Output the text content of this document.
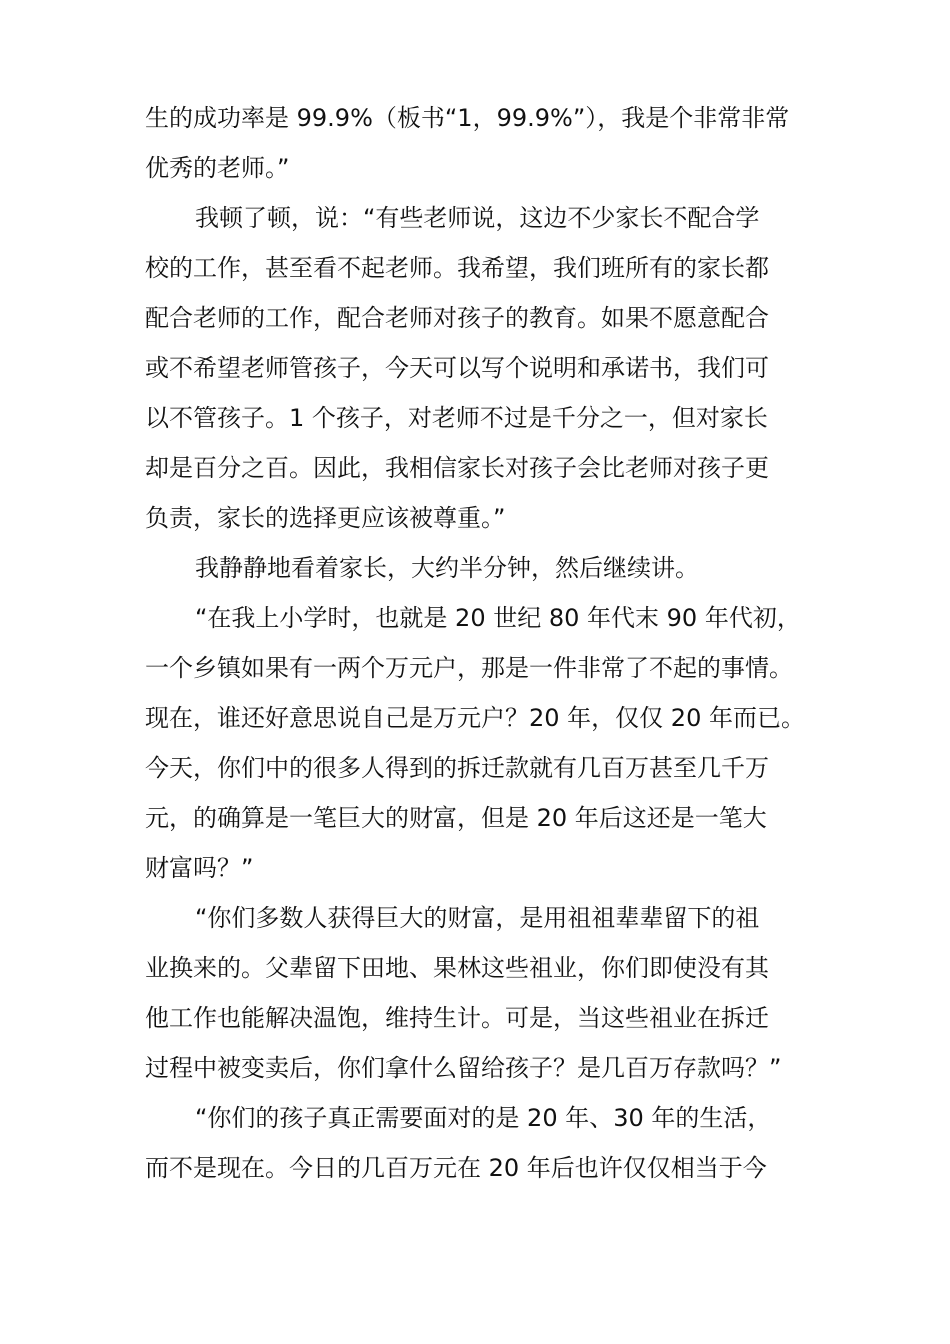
生的成功率是 99.9%（板书“1，99.9%”），我是个非常非常
优秀的老师。”
我顿了顿，说：“有些老师说，这边不少家长不配合学
校的工作，甚至看不起老师。我希望，我们班所有的家长都
配合老师的工作，配合老师对孩子的教育。如果不愿意配合
或不希望老师管孩子，今天可以写个说明和承诺书，我们可
以不管孩子。1 个孩子，对老师不过是千分之一，但对家长
却是百分之百。因此，我相信家长对孩子会比老师对孩子更
负责，家长的选择更应该被尊重。”
我静静地看着家长，大约半分钟，然后继续讲。
“在我上小学时，也就是 20 世纪 80 年代末 90 年代初，
一个乡镇如果有一两个万元户，那是一件非常了不起的事情。
现在，谁还好意思说自己是万元户？20 年，仅仅 20 年而已。
今天，你们中的很多人得到的拆迁款就有几百万甚至几千万
元，的确算是一笔巨大的财富，但是 20 年后这还是一笔大
财富吗？”
“你们多数人获得巨大的财富，是用祖祖辈辈留下的祖
业换来的。父辈留下田地、果林这些祖业，你们即使没有其
他工作也能解决温饱，维持生计。可是，当这些祖业在拆迁
过程中被变卖后，你们拿什么留给孩子？是几百万存款吗？”
“你们的孩子真正需要面对的是 20 年、30 年的生活，
而不是现在。今日的几百万元在 20 年后也许仅仅相当于今
